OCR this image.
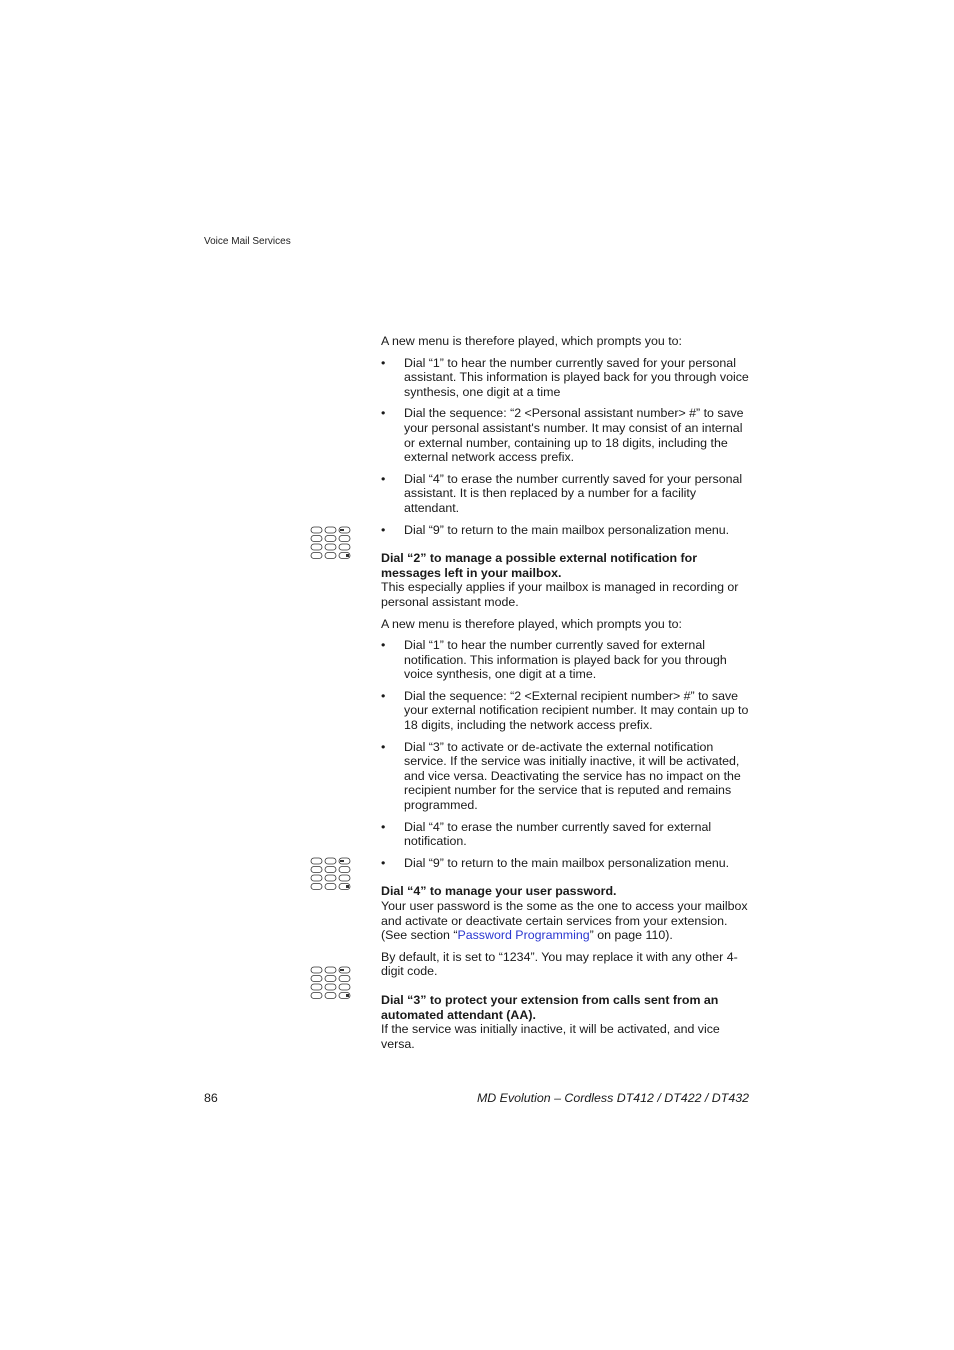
Voice Mail Services

A new menu is therefore played, which prompts you to:

• Dial “1” to hear the number currently saved for your personal assistant. This information is played back for you through voice synthesis, one digit at a time
• Dial the sequence: “2 <Personal assistant number> #” to save your personal assistant's number. It may consist of an internal or external number, containing up to 18 digits, including the external network access prefix.
• Dial “4” to erase the number currently saved for your personal assistant. It is then replaced by a number for a facility attendant.
• Dial “9” to return to the main mailbox personalization menu.

Dial “2” to manage a possible external notification for messages left in your mailbox.

This especially applies if your mailbox is managed in recording or personal assistant mode.

A new menu is therefore played, which prompts you to:

• Dial “1” to hear the number currently saved for external notification. This information is played back for you through voice synthesis, one digit at a time.
• Dial the sequence: “2 <External recipient number> #” to save your external notification recipient number. It may contain up to 18 digits, including the network access prefix.
• Dial “3” to activate or de-activate the external notification service. If the service was initially inactive, it will be activated, and vice versa. Deactivating the service has no impact on the recipient number for the service that is reputed and remains programmed.
• Dial “4” to erase the number currently saved for external notification.
• Dial “9” to return to the main mailbox personalization menu.

Dial “4” to manage your user password.

Your user password is the some as the one to access your mailbox and activate or deactivate certain services from your extension. (See section “Password Programming” on page 110).

By default, it is set to “1234”. You may replace it with any other 4-digit code.

Dial “3” to protect your extension from calls sent from an automated attendant (AA).

If the service was initially inactive, it will be activated, and vice versa.

86	MD Evolution – Cordless DT412 / DT422 / DT432
